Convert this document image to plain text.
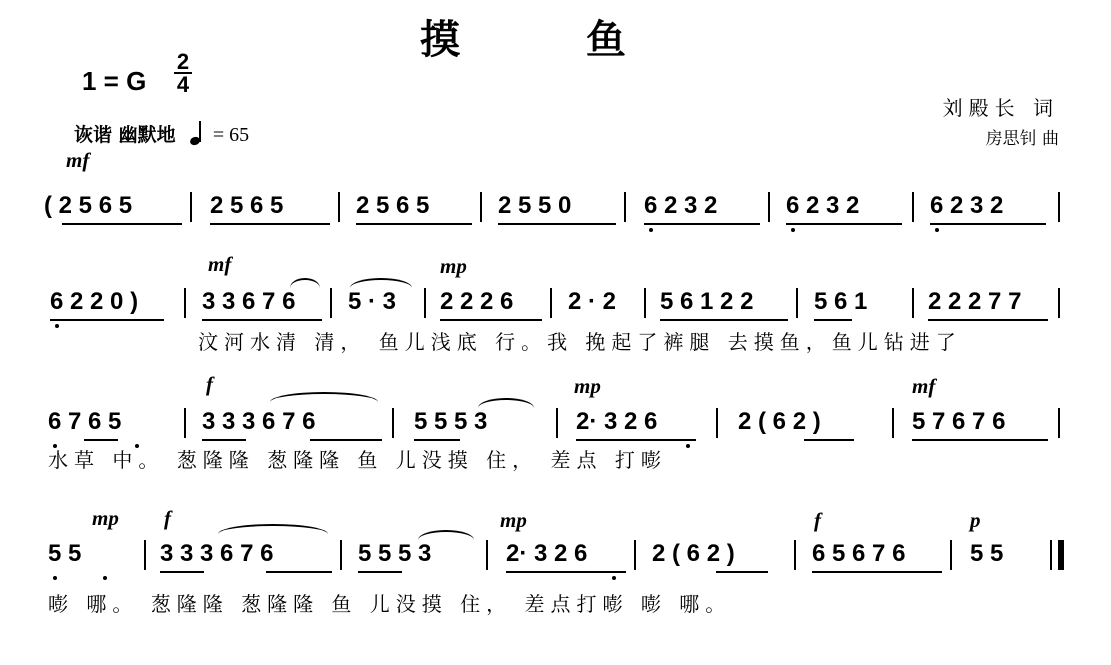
摸 鱼
1 = G
2
4
诙谐 幽默地 = 65
刘殿长 词
房思钊 曲
mf
( 2 5 6 5	2 5 6 5	2 5 6 5	2 5 5 0	6 2 3 2	6 2 3 2	6 2 3 2
mf	mp
6 2 2 0 )	3 3 6 7 6 5 · 3 2 2 2 6 2 · 2 5 6 1 2 2	5 6 1	2 2 2 7 7
汶河水清 清， 鱼儿浅底 行。我 挽起了裤腿 去摸鱼，鱼儿钻进了
f	mp	mf
6 7 6 5	3 3 3 6 7 6	5 5 5 3	2· 3 2 6	2 ( 6 2 )	5 7 6 7 6
水草 中。 葱隆隆 葱隆隆 鱼 儿没摸 住， 差点 打嘭
mp f	mp	f	p
5 5	3 3 3 6 7 6	5 5 5 3	2· 3 2 6	2 ( 6 2 )	6 5 6 7 6	5 5
嘭 哪。 葱隆隆 葱隆隆 鱼 儿没摸 住， 差点打嘭 嘭 哪。
